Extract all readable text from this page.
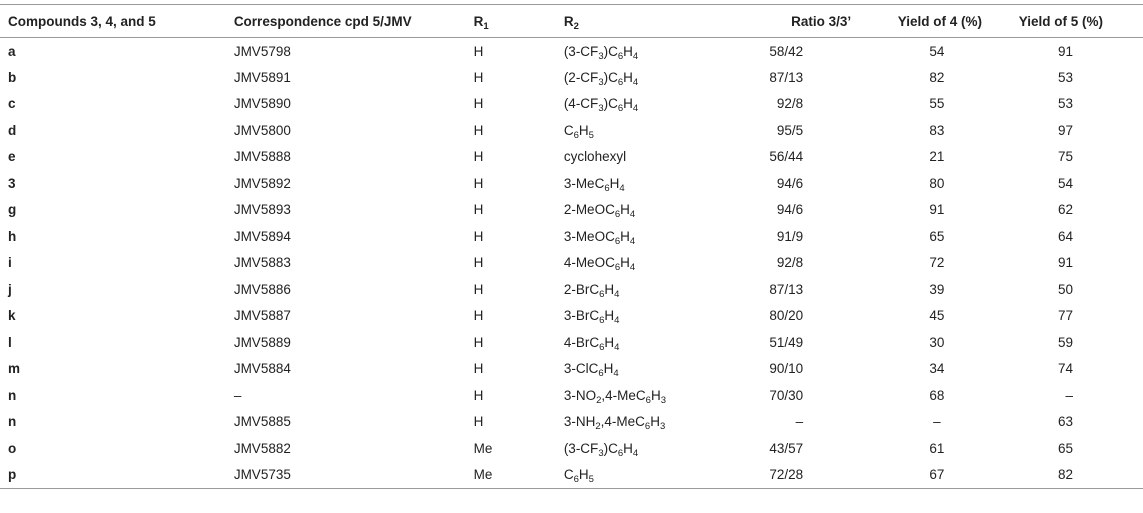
Compounds 3, 4, and 5	Correspondence cpd 5/JMV	$R_1$	$R_2$	Ratio 3/3’	Yield of 4 (%)	Yield of 5 (%)
a	JMV5798	H	$(3-CF_3)C_6H_4$	58/42	54	91
b	JMV5891	H	$(2-CF_3)C_6H_4$	87/13	82	53
c	JMV5890	H	$(4-CF_3)C_6H_4$	92/8	55	53
d	JMV5800	H	$C_6H_5$	95/5	83	97
e	JMV5888	H	cyclohexyl	56/44	21	75
3	JMV5892	H	$3-MeC_6H_4$	94/6	80	54
g	JMV5893	H	$2-MeOC_6H_4$	94/6	91	62
h	JMV5894	H	$3-MeOC_6H_4$	91/9	65	64
i	JMV5883	H	$4-MeOC_6H_4$	92/8	72	91
j	JMV5886	H	$2-BrC_6H_4$	87/13	39	50
k	JMV5887	H	$3-BrC_6H_4$	80/20	45	77
l	JMV5889	H	$4-BrC_6H_4$	51/49	30	59
m	JMV5884	H	$3-ClC_6H_4$	90/10	34	74
n	–	H	$3-NO_2,4-MeC_6H_3$	70/30	68	–
n	JMV5885	H	$3-NH_2,4-MeC_6H_3$	–	–	63
o	JMV5882	Me	$(3-CF_3)C_6H_4$	43/57	61	65
p	JMV5735	Me	$C_6H_5$	72/28	67	82
